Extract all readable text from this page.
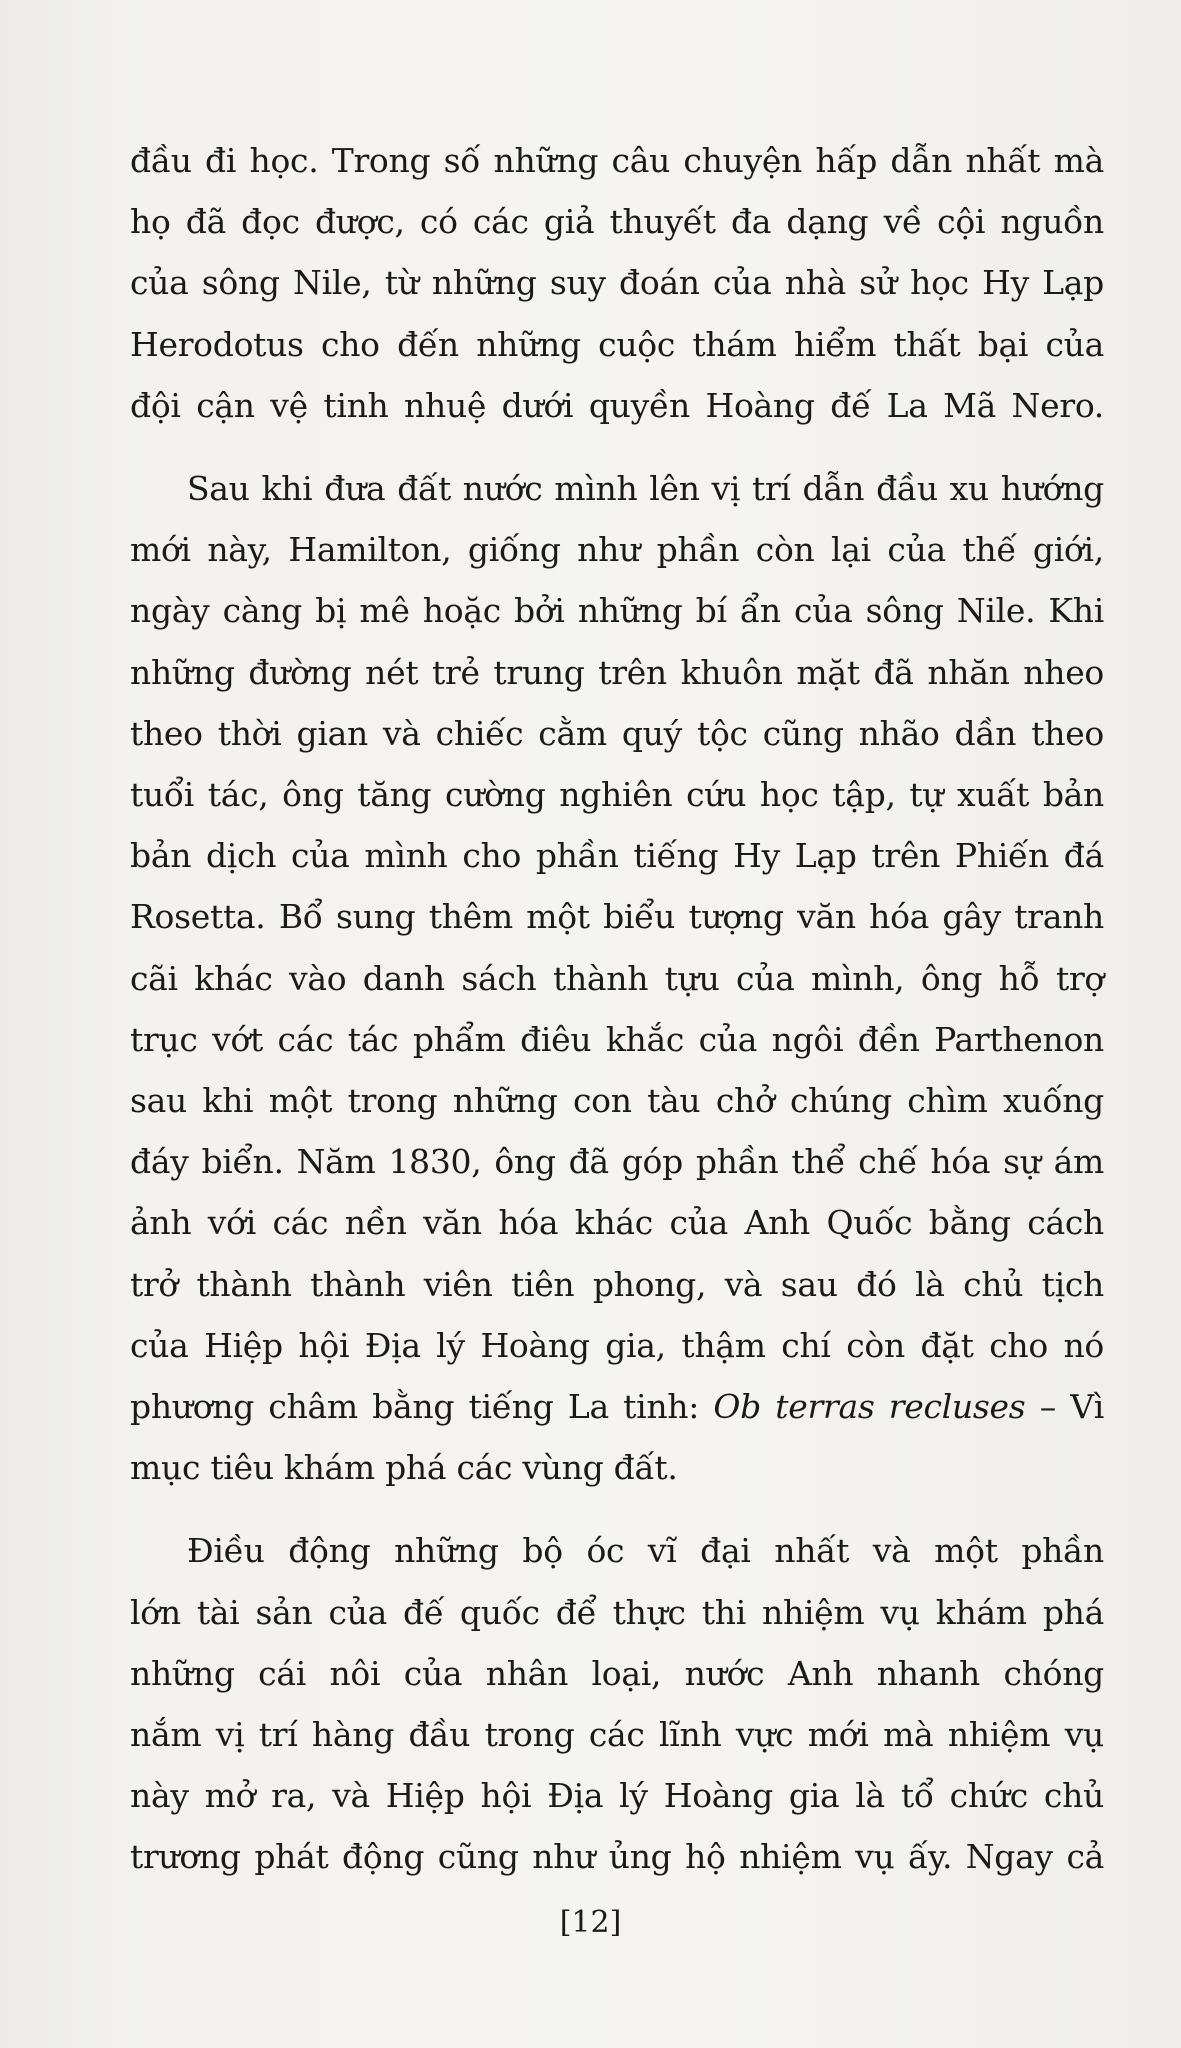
đầu đi học. Trong số những câu chuyện hấp dẫn nhất mà
họ đã đọc được, có các giả thuyết đa dạng về cội nguồn
của sông Nile, từ những suy đoán của nhà sử học Hy Lạp
Herodotus cho đến những cuộc thám hiểm thất bại của
đội cận vệ tinh nhuệ dưới quyền Hoàng đế La Mã Nero.

Sau khi đưa đất nước mình lên vị trí dẫn đầu xu hướng
mới này, Hamilton, giống như phần còn lại của thế giới,
ngày càng bị mê hoặc bởi những bí ẩn của sông Nile. Khi
những đường nét trẻ trung trên khuôn mặt đã nhăn nheo
theo thời gian và chiếc cằm quý tộc cũng nhão dần theo
tuổi tác, ông tăng cường nghiên cứu học tập, tự xuất bản
bản dịch của mình cho phần tiếng Hy Lạp trên Phiến đá
Rosetta. Bổ sung thêm một biểu tượng văn hóa gây tranh
cãi khác vào danh sách thành tựu của mình, ông hỗ trợ
trục vớt các tác phẩm điêu khắc của ngôi đền Parthenon
sau khi một trong những con tàu chở chúng chìm xuống
đáy biển. Năm 1830, ông đã góp phần thể chế hóa sự ám
ảnh với các nền văn hóa khác của Anh Quốc bằng cách
trở thành thành viên tiên phong, và sau đó là chủ tịch
của Hiệp hội Địa lý Hoàng gia, thậm chí còn đặt cho nó
phương châm bằng tiếng La tinh: Ob terras recluses – Vì
mục tiêu khám phá các vùng đất.

Điều động những bộ óc vĩ đại nhất và một phần
lớn tài sản của đế quốc để thực thi nhiệm vụ khám phá
những cái nôi của nhân loại, nước Anh nhanh chóng
nắm vị trí hàng đầu trong các lĩnh vực mới mà nhiệm vụ
này mở ra, và Hiệp hội Địa lý Hoàng gia là tổ chức chủ
trương phát động cũng như ủng hộ nhiệm vụ ấy. Ngay cả

[12]
